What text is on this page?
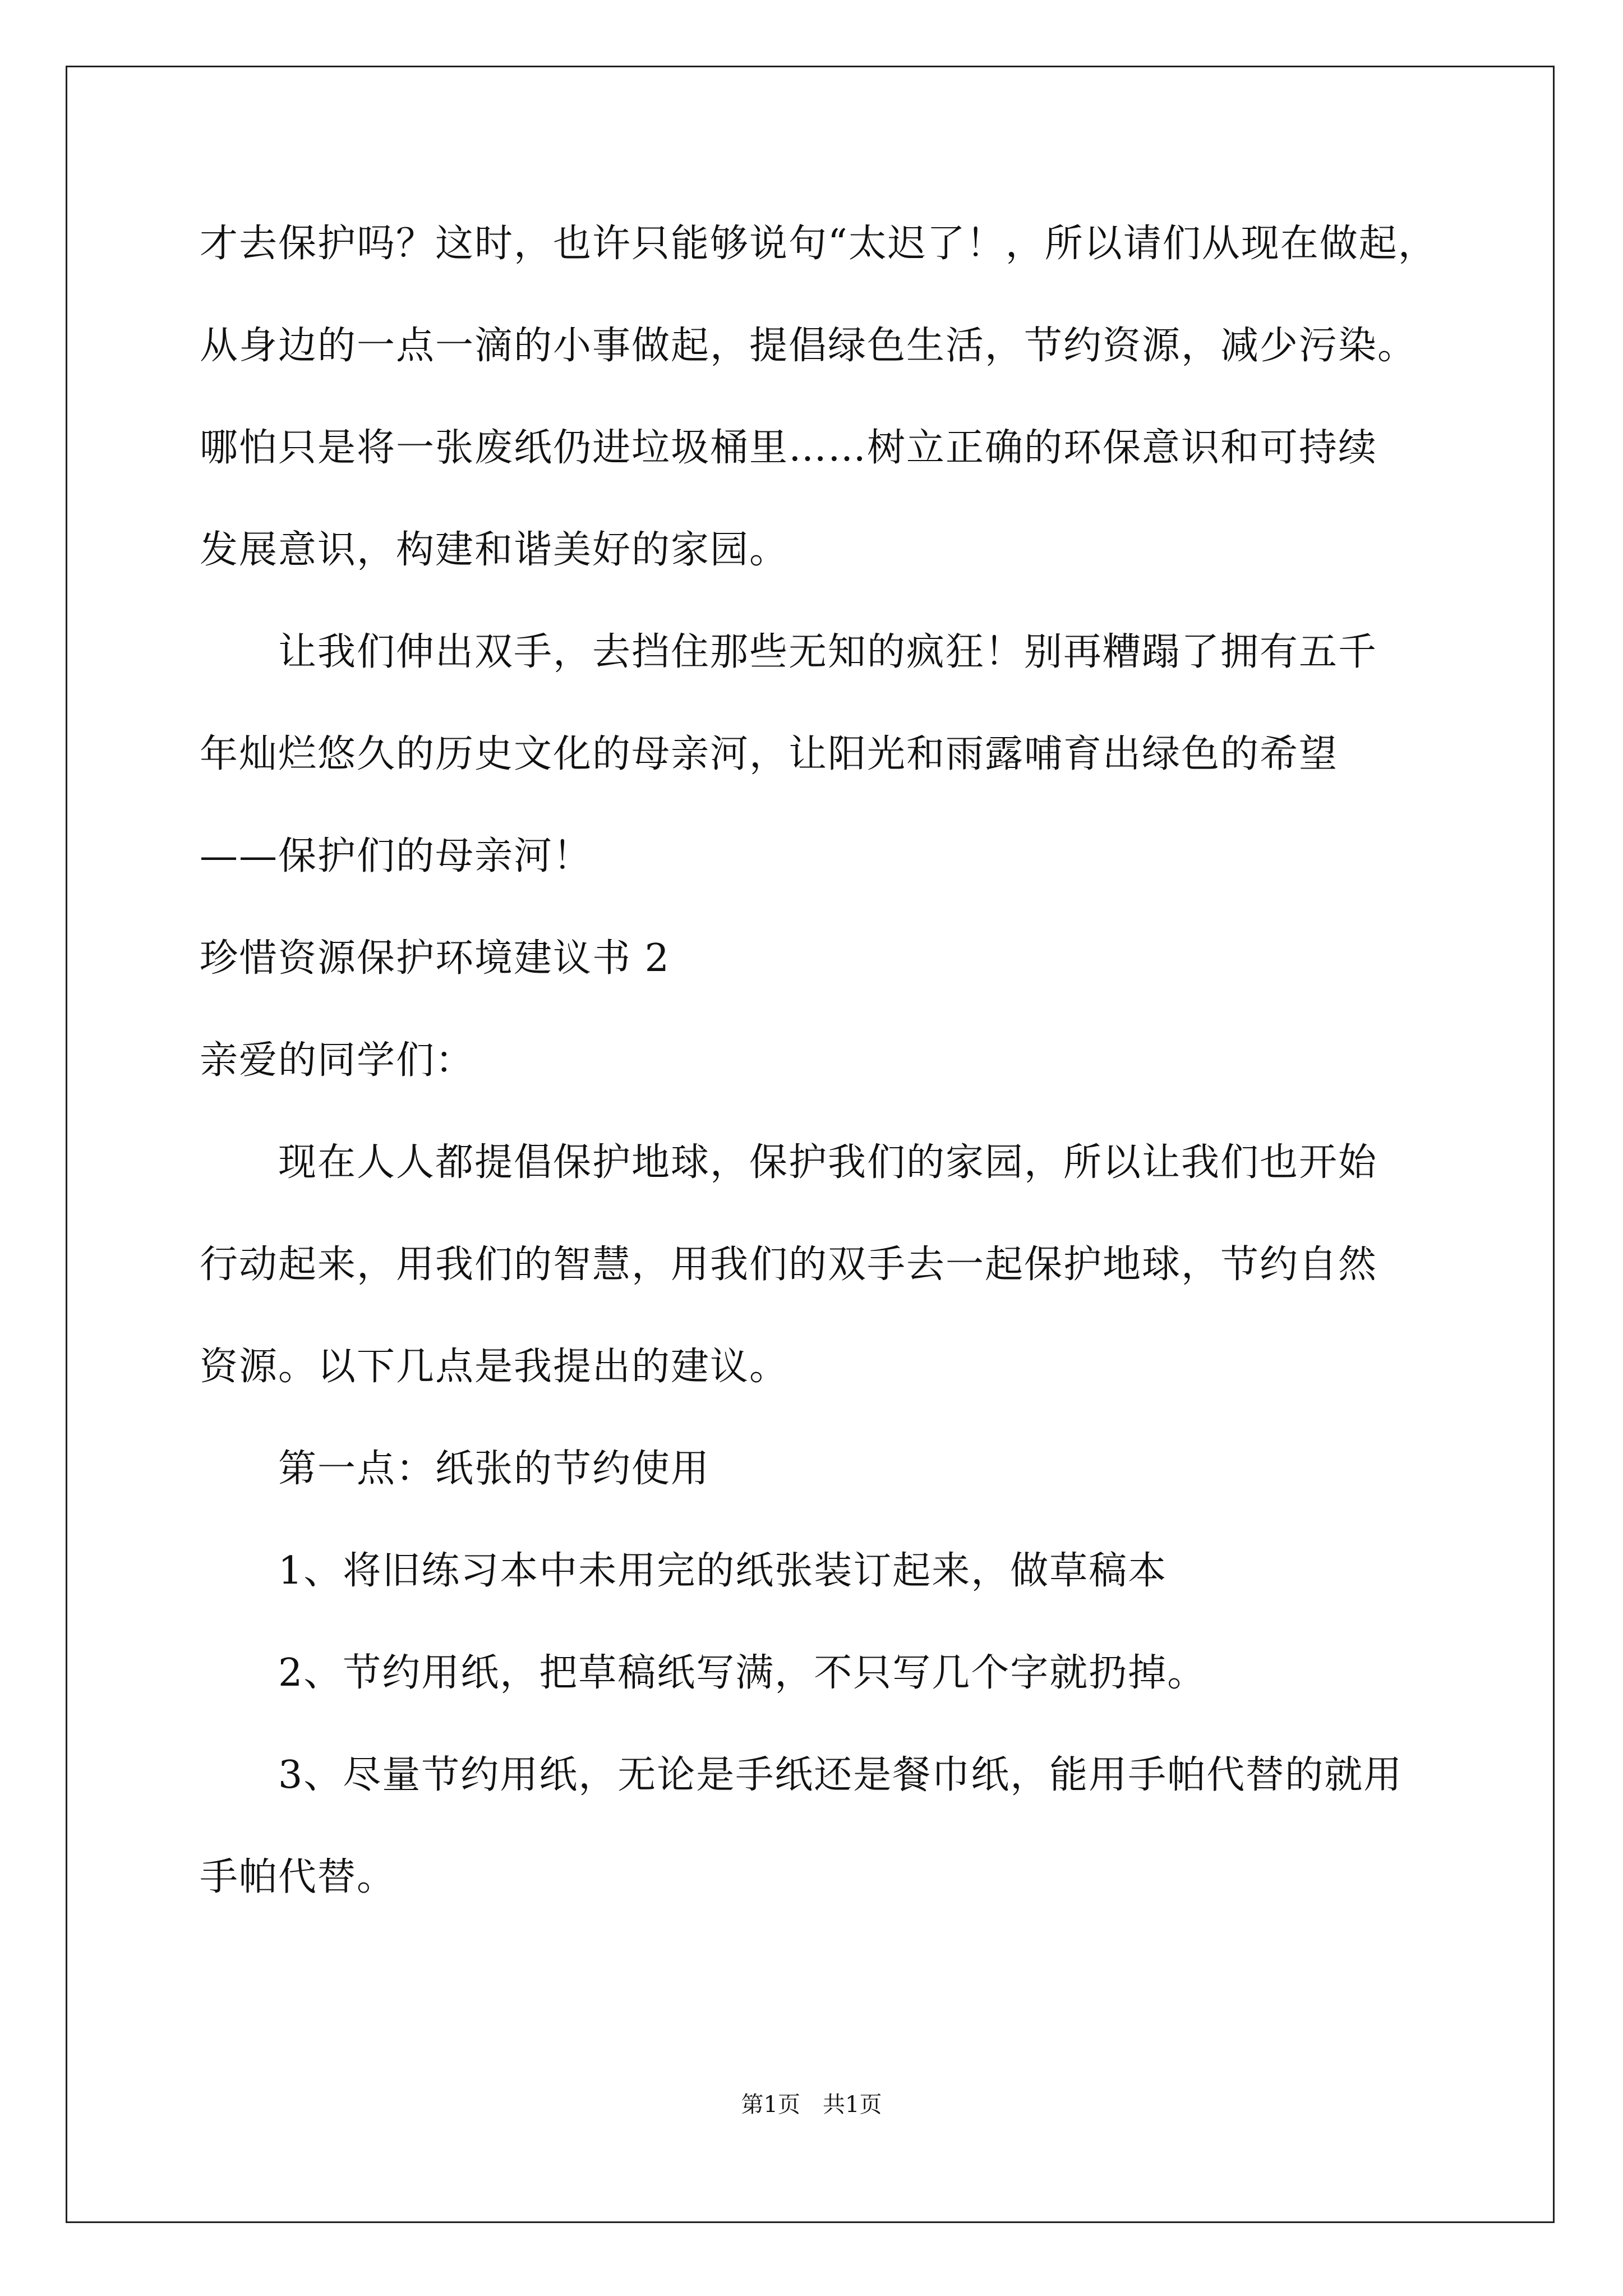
才去保护吗？这时，也许只能够说句“太迟了！，所以请们从现在做起，
从身边的一点一滴的小事做起，提倡绿色生活，节约资源，减少污染。
哪怕只是将一张废纸仍进垃圾桶里……树立正确的环保意识和可持续
发展意识，构建和谐美好的家园。
让我们伸出双手，去挡住那些无知的疯狂！别再糟蹋了拥有五千
年灿烂悠久的历史文化的母亲河，让阳光和雨露哺育出绿色的希望
——保护们的母亲河！
珍惜资源保护环境建议书 2
亲爱的同学们：
现在人人都提倡保护地球，保护我们的家园，所以让我们也开始
行动起来，用我们的智慧，用我们的双手去一起保护地球，节约自然
资源。以下几点是我提出的建议。
第一点：纸张的节约使用
1、将旧练习本中未用完的纸张装订起来，做草稿本
2、节约用纸，把草稿纸写满，不只写几个字就扔掉。
3、尽量节约用纸，无论是手纸还是餐巾纸，能用手帕代替的就用
手帕代替。
第1页　共1页
